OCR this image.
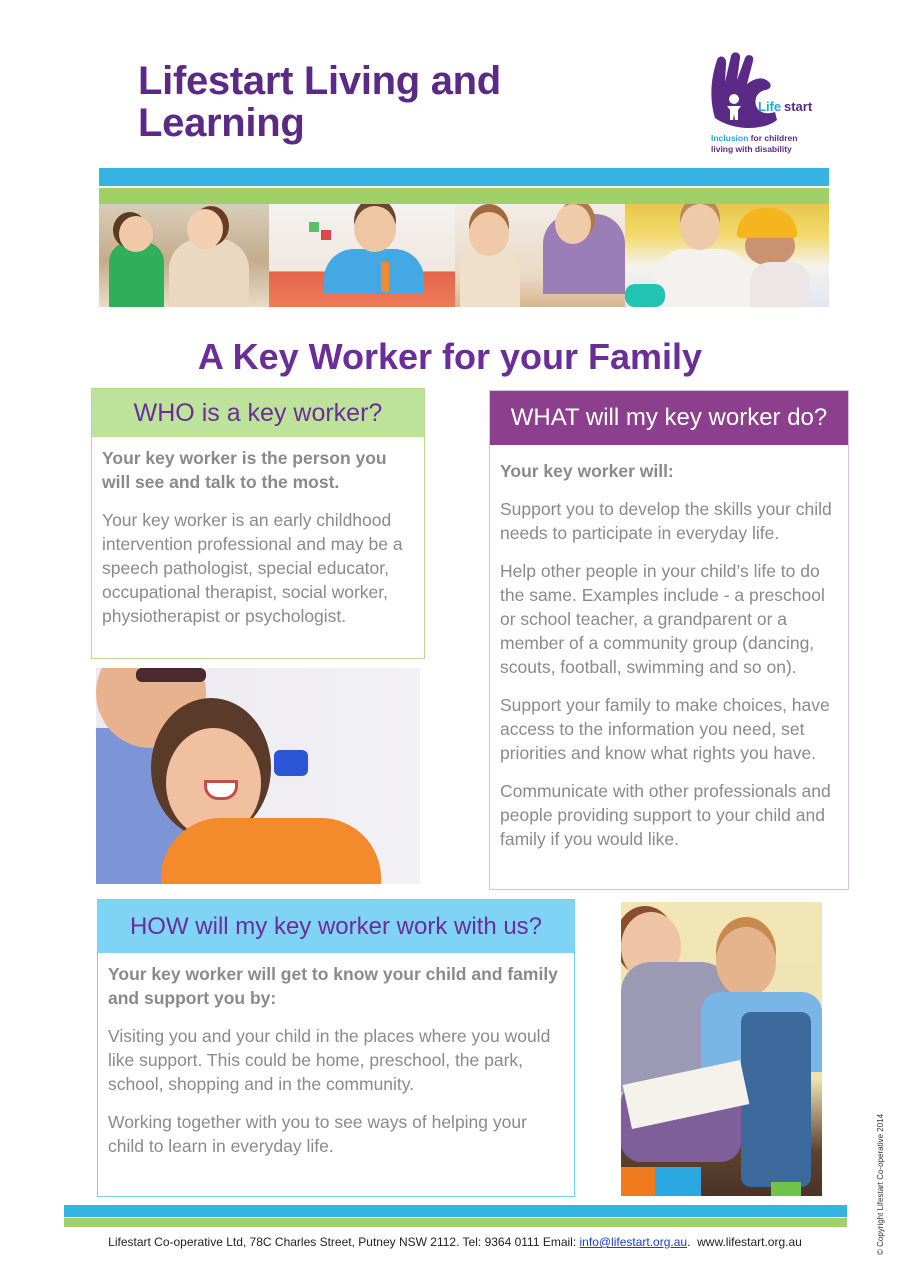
Lifestart Living and
Learning	Life start
Inclusion for children
living with disability
A Key Worker for your Family
WHO is a key worker?

Your key worker is the person you will see and talk to the most.

Your key worker is an early childhood intervention professional and may be a speech pathologist, special educator, occupational therapist, social worker, physiotherapist or psychologist.

WHAT will my key worker do?

Your key worker will:

Support you to develop the skills your child needs to participate in everyday life.

Help other people in your child’s life to do the same. Examples include - a preschool or school teacher, a grandparent or a member of a community group (dancing, scouts, football, swimming and so on).

Support your family to make choices, have access to the information you need, set priorities and know what rights you have.

Communicate with other professionals and people providing support to your child and family if you would like.

HOW will my key worker work with us?

Your key worker will get to know your child and family and support you by:

Visiting you and your child in the places where you would like support. This could be home, preschool, the park, school, shopping and in the community.

Working together with you to see ways of helping your child to learn in everyday life.

Lifestart Co-operative Ltd, 78C Charles Street, Putney NSW 2112. Tel: 9364 0111 Email: info@lifestart.org.au.  www.lifestart.org.au	© Copyright Lifestart Co-operative 2014
